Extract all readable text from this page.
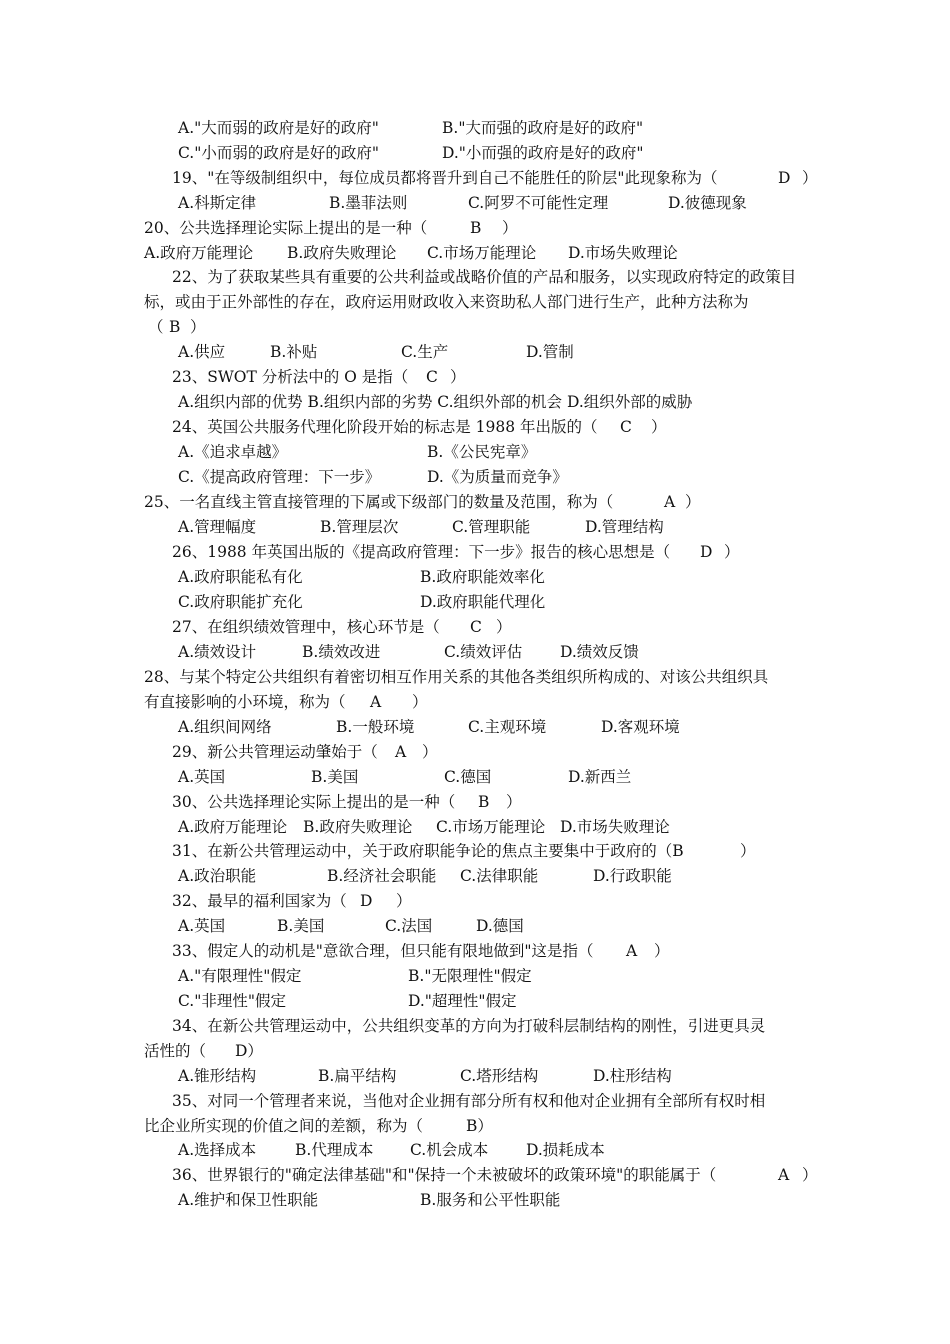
A."大而弱的政府是好的政府"	B."大而强的政府是好的政府"
C."小而弱的政府是好的政府"	D."小而强的政府是好的政府"
19、"在等级制组织中，每位成员都将晋升到自己不能胜任的阶层"此现象称为（	D ）
A.科斯定律	B.墨菲法则	C.阿罗不可能性定理	D.彼德现象
20、公共选择理论实际上提出的是一种（	B ）
A.政府万能理论 B.政府失败理论 C.市场万能理论 D.市场失败理论
22、为了获取某些具有重要的公共利益或战略价值的产品和服务，以实现政府特定的政策目
标，或由于正外部性的存在，政府运用财政收入来资助私人部门进行生产，此种方法称为
（ B ）
A.供应	B.补贴	C.生产	D.管制
23、SWOT 分析法中的 O 是指（ C ）
A.组织内部的优势 B.组织内部的劣势 C.组织外部的机会 D.组织外部的威胁
24、英国公共服务代理化阶段开始的标志是 1988 年出版的（ C ）
A.《追求卓越》	B.《公民宪章》
C.《提高政府管理：下一步》	D.《为质量而竞争》
25、一名直线主管直接管理的下属或下级部门的数量及范围，称为（	A ）
A.管理幅度	B.管理层次	C.管理职能	D.管理结构
26、1988 年英国出版的《提高政府管理：下一步》报告的核心思想是（ D ）
A.政府职能私有化	B.政府职能效率化
C.政府职能扩充化	D.政府职能代理化
27、在组织绩效管理中，核心环节是（ C ）
A.绩效设计	B.绩效改进	C.绩效评估 D.绩效反馈
28、与某个特定公共组织有着密切相互作用关系的其他各类组织所构成的、对该公共组织具
有直接影响的小环境，称为（ A ）
A.组织间网络	B.一般环境	C.主观环境	D.客观环境
29、新公共管理运动肇始于（ A ）
A.英国	B.美国	C.德国	D.新西兰
30、公共选择理论实际上提出的是一种（ B ）
A.政府万能理论 B.政府失败理论 C.市场万能理论 D.市场失败理论
31、在新公共管理运动中，关于政府职能争论的焦点主要集中于政府的（B	）
A.政治职能	B.经济社会职能 C.法律职能	D.行政职能
32、最早的福利国家为（ D ）
A.英国	B.美国	C.法国	D.德国
33、假定人的动机是"意欲合理，但只能有限地做到"这是指（ A ）
A."有限理性"假定	B."无限理性"假定
C."非理性"假定	D."超理性"假定
34、在新公共管理运动中，公共组织变革的方向为打破科层制结构的刚性，引进更具灵
活性的（ D）
A.锥形结构	B.扁平结构	C.塔形结构	D.柱形结构
35、对同一个管理者来说，当他对企业拥有部分所有权和他对企业拥有全部所有权时相
比企业所实现的价值之间的差额，称为（	B）
A.选择成本	B.代理成本 C.机会成本 D.损耗成本
36、世界银行的"确定法律基础"和"保持一个未被破坏的政策环境"的职能属于（	A ）
A.维护和保卫性职能	B.服务和公平性职能
